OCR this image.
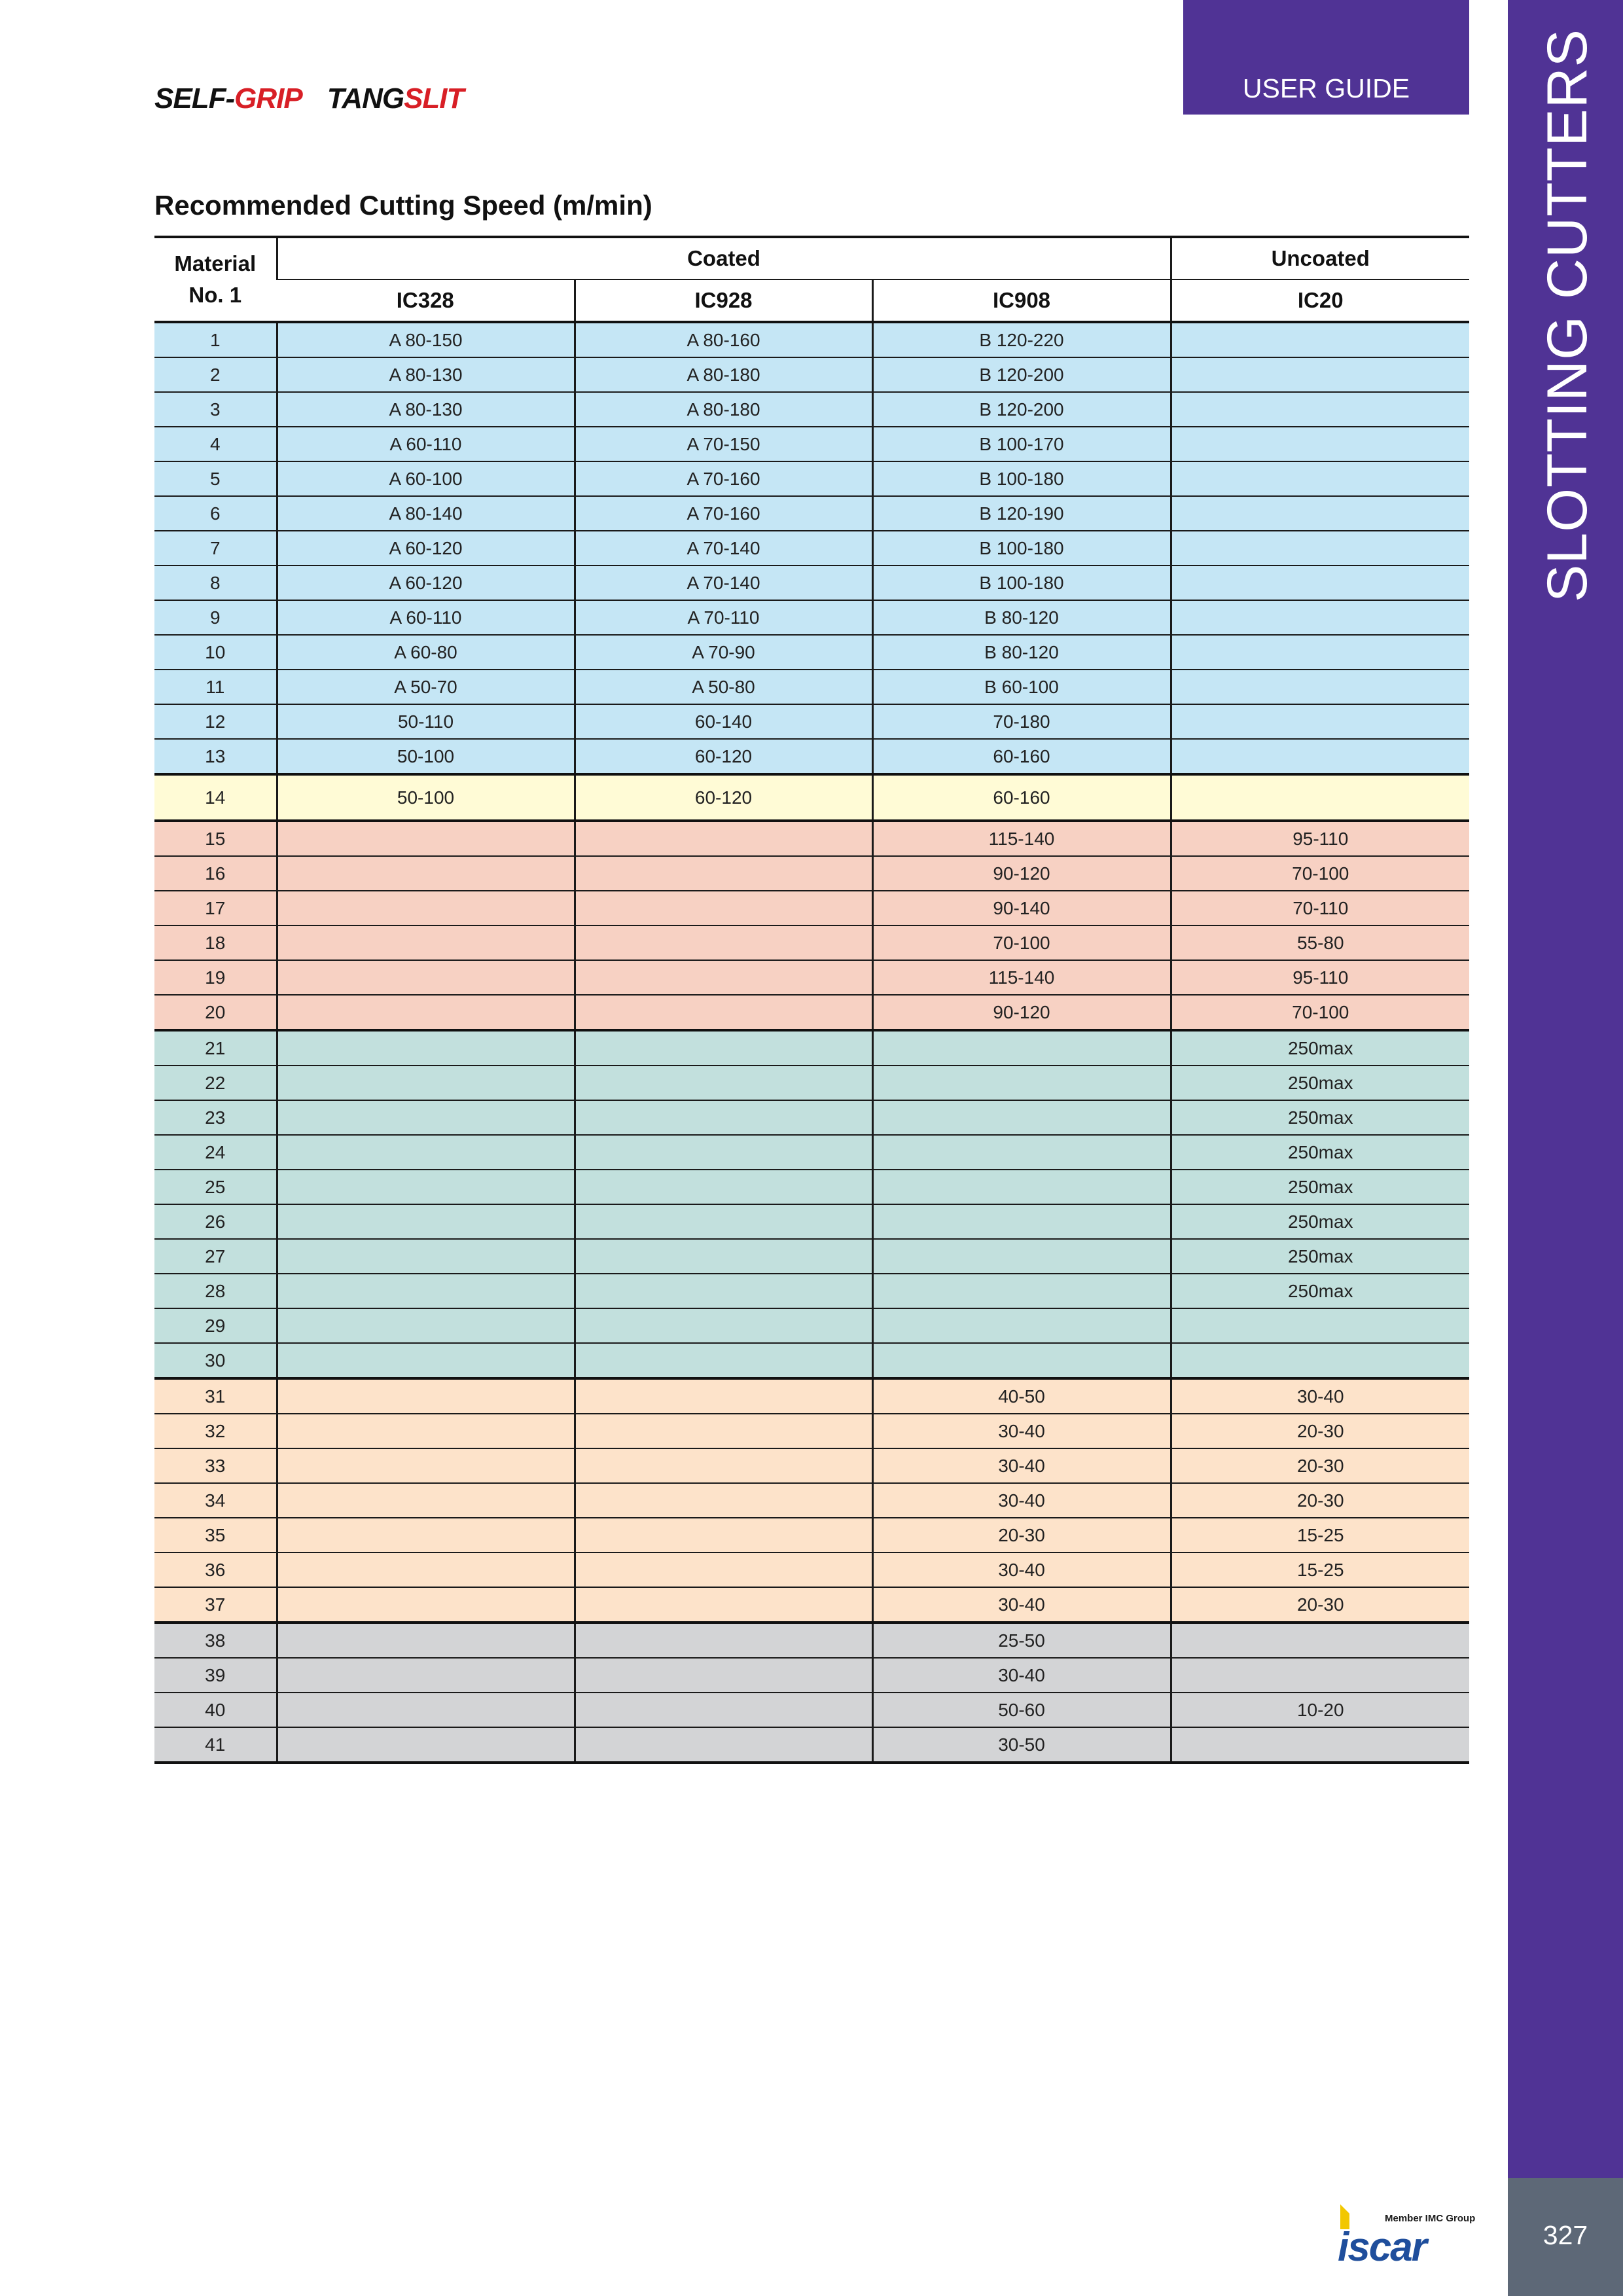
SELF-GRIP TANGSLIT	USER GUIDE	SLOTTING CUTTERS
Recommended Cutting Speed (m/min)
Material
No. 1	Coated			Uncoated
	IC328	IC928	IC908	IC20
1	A 80-150	A 80-160	B 120-220	
2	A 80-130	A 80-180	B 120-200	
3	A 80-130	A 80-180	B 120-200	
4	A 60-110	A 70-150	B 100-170	
5	A 60-100	A 70-160	B 100-180	
6	A 80-140	A 70-160	B 120-190	
7	A 60-120	A 70-140	B 100-180	
8	A 60-120	A 70-140	B 100-180	
9	A 60-110	A 70-110	B 80-120	
10	A 60-80	A 70-90	B 80-120	
11	A 50-70	A 50-80	B 60-100	
12	50-110	60-140	70-180	
13	50-100	60-120	60-160	
14	50-100	60-120	60-160	
15			115-140	95-110
16			90-120	70-100
17			90-140	70-110
18			70-100	55-80
19			115-140	95-110
20			90-120	70-100
21				250max
22				250max
23				250max
24				250max
25				250max
26				250max
27				250max
28				250max
29				
30				
31			40-50	30-40
32			30-40	20-30
33			30-40	20-30
34			30-40	20-30
35			20-30	15-25
36			30-40	15-25
37			30-40	20-30
38			25-50	
39			30-40	
40			50-60	10-20
41			30-50	
Member IMC Group
iscar	327
